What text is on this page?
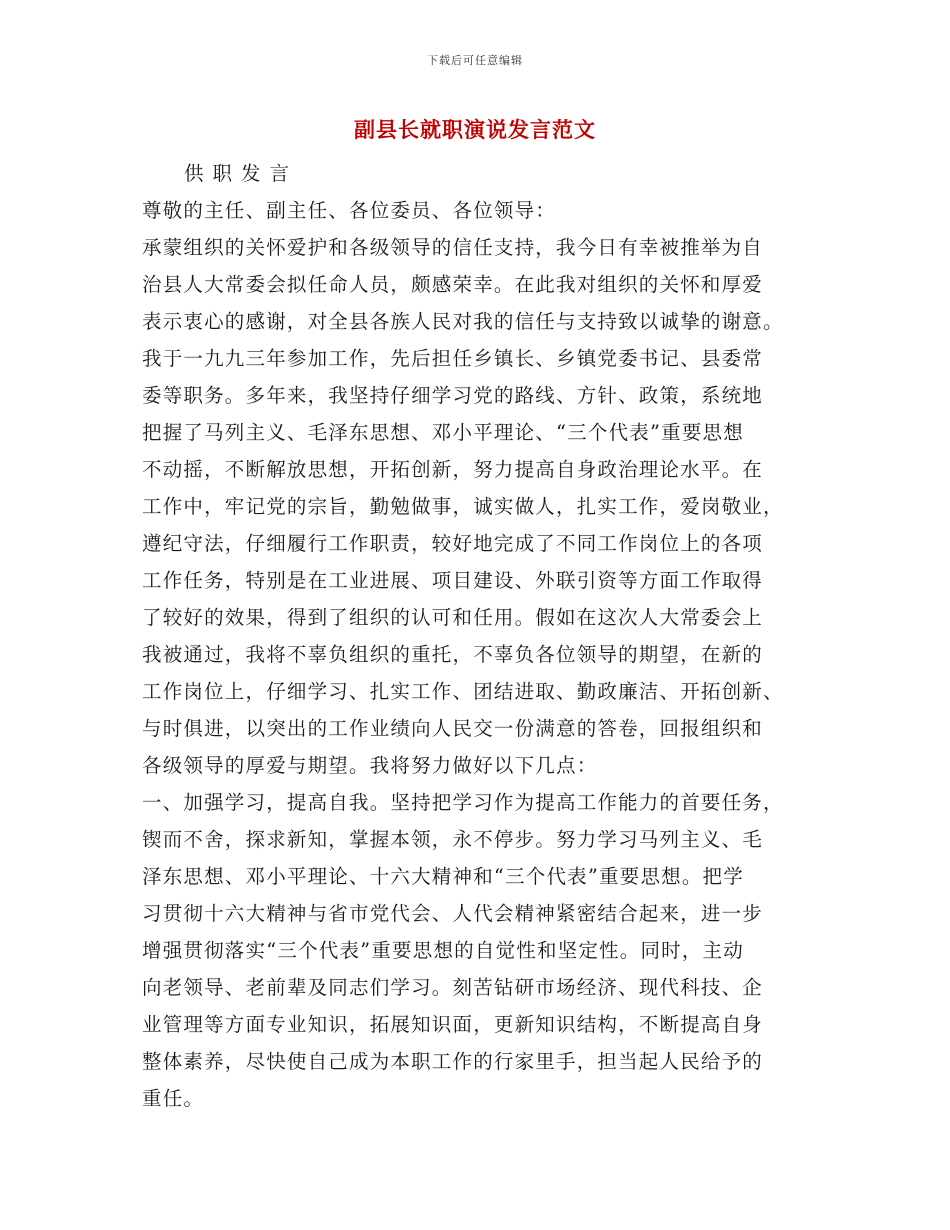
下载后可任意编辑
副县长就职演说发言范文
供职发言
尊敬的主任、副主任、各位委员、各位领导：
承蒙组织的关怀爱护和各级领导的信任支持，我今日有幸被推举为自
治县人大常委会拟任命人员，颇感荣幸。在此我对组织的关怀和厚爱
表示衷心的感谢，对全县各族人民对我的信任与支持致以诚挚的谢意。
我于一九九三年参加工作，先后担任乡镇长、乡镇党委书记、县委常
委等职务。多年来，我坚持仔细学习党的路线、方针、政策，系统地
把握了马列主义、毛泽东思想、邓小平理论、“三个代表”重要思想
不动摇，不断解放思想，开拓创新，努力提高自身政治理论水平。在
工作中，牢记党的宗旨，勤勉做事，诚实做人，扎实工作，爱岗敬业，
遵纪守法，仔细履行工作职责，较好地完成了不同工作岗位上的各项
工作任务，特别是在工业进展、项目建设、外联引资等方面工作取得
了较好的效果，得到了组织的认可和任用。假如在这次人大常委会上
我被通过，我将不辜负组织的重托，不辜负各位领导的期望，在新的
工作岗位上，仔细学习、扎实工作、团结进取、勤政廉洁、开拓创新、
与时俱进，以突出的工作业绩向人民交一份满意的答卷，回报组织和
各级领导的厚爱与期望。我将努力做好以下几点：
一、加强学习，提高自我。坚持把学习作为提高工作能力的首要任务，
锲而不舍，探求新知，掌握本领，永不停步。努力学习马列主义、毛
泽东思想、邓小平理论、十六大精神和“三个代表”重要思想。把学
习贯彻十六大精神与省市党代会、人代会精神紧密结合起来，进一步
增强贯彻落实“三个代表”重要思想的自觉性和坚定性。同时，主动
向老领导、老前辈及同志们学习。刻苦钻研市场经济、现代科技、企
业管理等方面专业知识，拓展知识面，更新知识结构，不断提高自身
整体素养，尽快使自己成为本职工作的行家里手，担当起人民给予的
重任。
